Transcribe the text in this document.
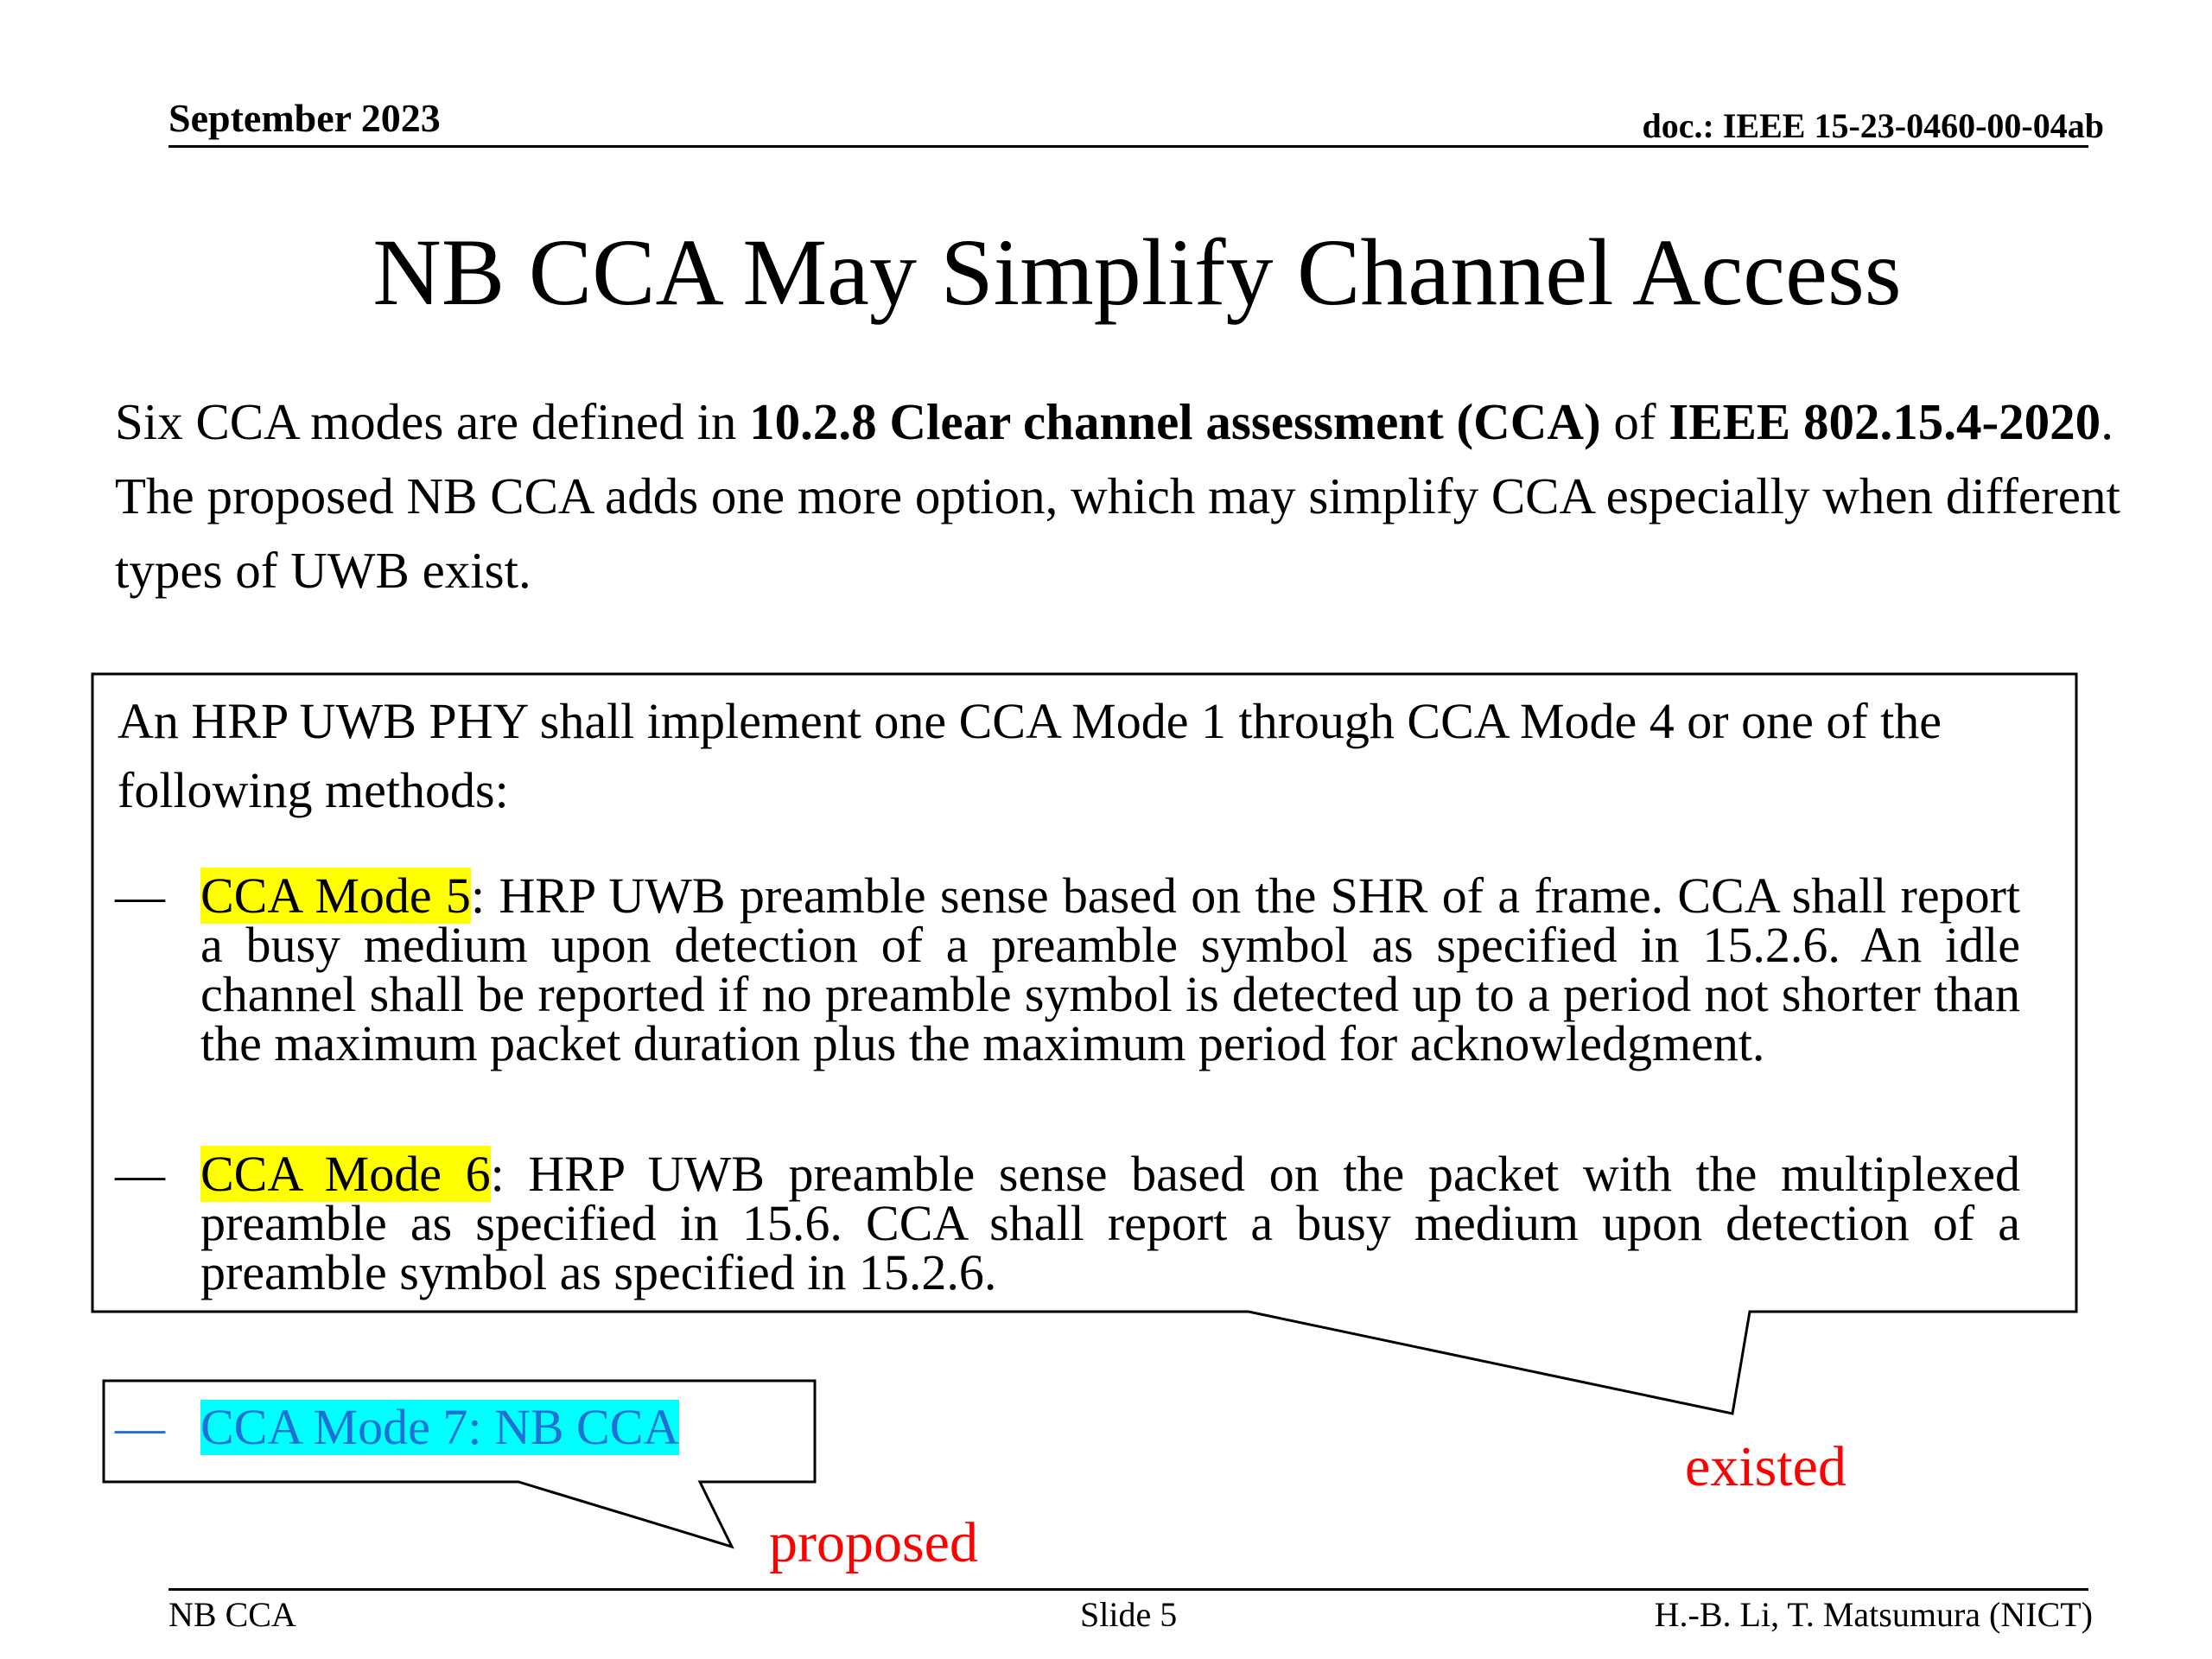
September 2023	doc.: IEEE 15-23-0460-00-04ab
NB CCA May Simplify Channel Access
Six CCA modes are defined in 10.2.8 Clear channel assessment (CCA) of IEEE 802.15.4-2020. The proposed NB CCA adds one more option, which may simplify CCA especially when different types of UWB exist.
An HRP UWB PHY shall implement one CCA Mode 1 through CCA Mode 4 or one of the following methods:
— CCA Mode 5: HRP UWB preamble sense based on the SHR of a frame. CCA shall report a busy medium upon detection of a preamble symbol as specified in 15.2.6. An idle channel shall be reported if no preamble symbol is detected up to a period not shorter than the maximum packet duration plus the maximum period for acknowledgment.
— CCA Mode 6: HRP UWB preamble sense based on the packet with the multiplexed preamble as specified in 15.6. CCA shall report a busy medium upon detection of a preamble symbol as specified in 15.2.6.
— CCA Mode 7: NB CCA
existed
proposed
NB CCA	Slide 5	H.-B. Li, T. Matsumura (NICT)
